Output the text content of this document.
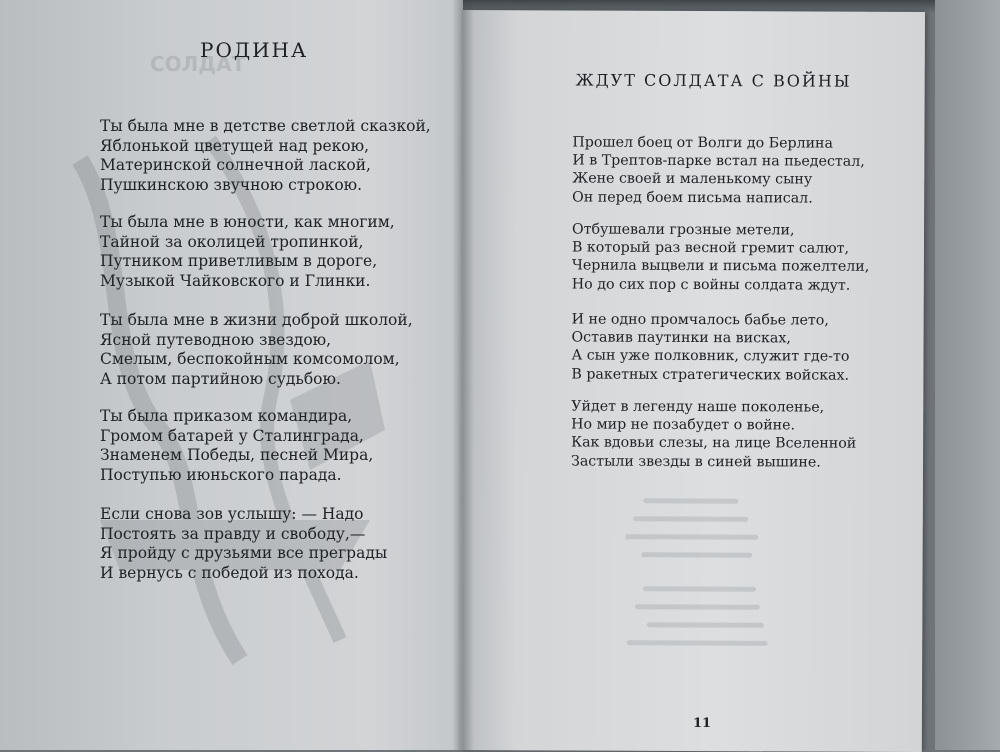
СОЛДАТ
РОДИНА
Ты была мне в детстве светлой сказкой,
Яблонькой цветущей над рекою,
Материнской солнечной лаской,
Пушкинскою звучною строкою.
Ты была мне в юности, как многим,
Тайной за околицей тропинкой,
Путником приветливым в дороге,
Музыкой Чайковского и Глинки.
Ты была мне в жизни доброй школой,
Ясной путеводною звездою,
Смелым, беспокойным комсомолом,
А потом партийною судьбою.
Ты была приказом командира,
Громом батарей у Сталинграда,
Знаменем Победы, песней Мира,
Поступью июньского парада.
Если снова зов услышу: — Надо
Постоять за правду и свободу,—
Я пройду с друзьями все преграды
И вернусь с победой из похода.
ЖДУТ СОЛДАТА С ВОЙНЫ
Прошел боец от Волги до Берлина
И в Трептов-парке встал на пьедестал,
Жене своей и маленькому сыну
Он перед боем письма написал.
Отбушевали грозные метели,
В который раз весной гремит салют,
Чернила выцвели и письма пожелтели,
Но до сих пор с войны солдата ждут.
И не одно промчалось бабье лето,
Оставив паутинки на висках,
А сын уже полковник, служит где-то
В ракетных стратегических войсках.
Уйдет в легенду наше поколенье,
Но мир не позабудет о войне.
Как вдовьи слезы, на лице Вселенной
Застыли звезды в синей вышине.
11
